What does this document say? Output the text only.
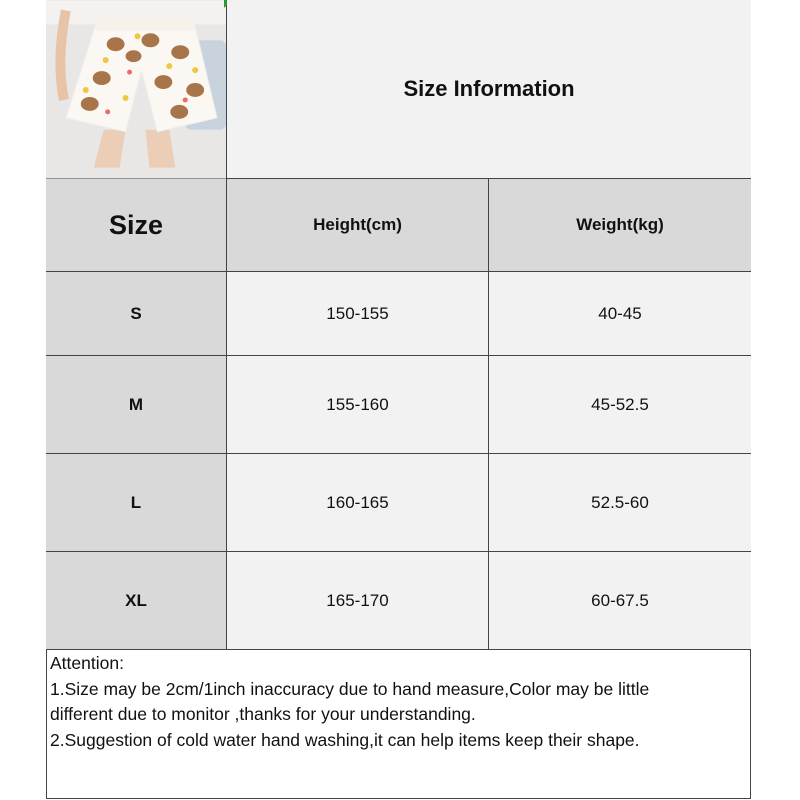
Size Information
Size	Height(cm)	Weight(kg)
S	150-155	40-45
M	155-160	45-52.5
L	160-165	52.5-60
XL	165-170	60-67.5
Attention:
1.Size may be 2cm/1inch inaccuracy due to hand measure,Color may be little
different due to monitor ,thanks for your understanding.
2.Suggestion of cold water hand washing,it can help items keep their shape.
